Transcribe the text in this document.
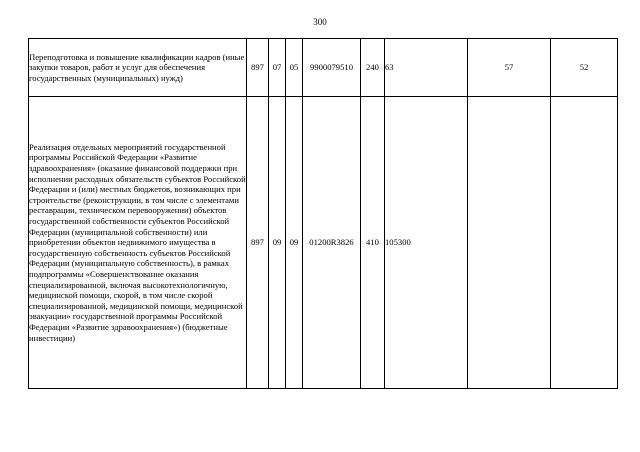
300
Переподготовка и повышение квалификации кадров (иные закупки товаров, работ и услуг для обеспечения государственных (муниципальных) нужд)	897	07	05	9900079510	240	63	57	52
Реализация отдельных мероприятий государственной программы Российской Федерации «Развитие здравоохранения» (оказание финансовой поддержки при исполнении расходных обязательств субъектов Российской Федерации и (или) местных бюджетов, возникающих при строительстве (реконструкции, в том числе с элементами реставрации, техническом перевооружении) объектов государственной собственности субъектов Российской Федерации (муниципальной собственности) или приобретении объектов недвижимого имущества в государственную собственность субъектов Российской Федерации (муниципальную собственность), в рамках подпрограммы «Совершенствование оказания специализированной, включая высокотехнологичную, медицинской помощи, скорой, в том числе скорой специализированной, медицинской помощи, медицинской эвакуации» государственной программы Российской Федерации «Развитие здравоохранения») (бюджетные инвестиции)	897	09	09	01200R3826	410	105300		
